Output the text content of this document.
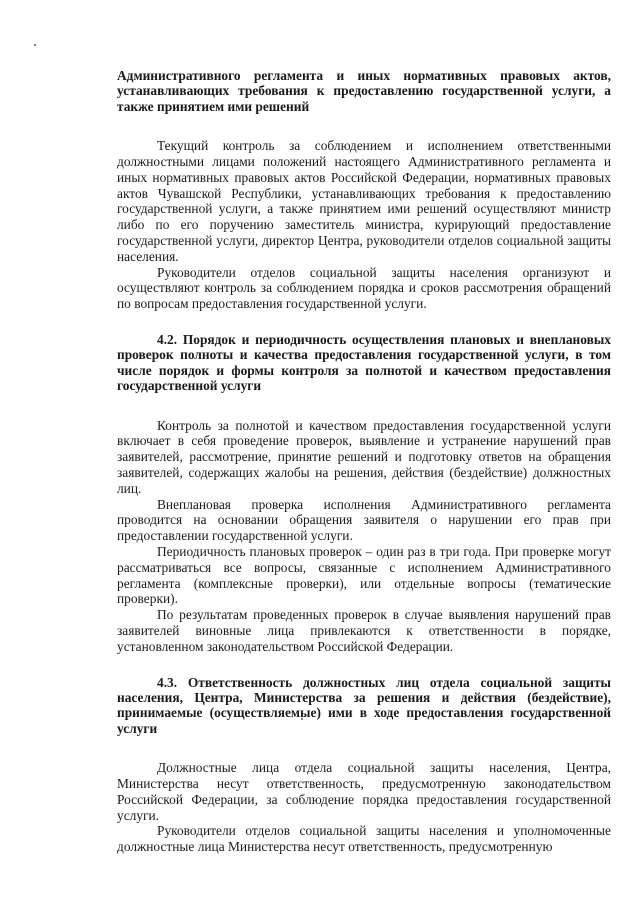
Административного регламента и иных нормативных правовых актов, устанавливающих требования к предоставлению государственной услуги, а также принятием ими решений

Текущий контроль за соблюдением и исполнением ответственными должностными лицами положений настоящего Административного регламента и иных нормативных правовых актов Российской Федерации, нормативных правовых актов Чувашской Республики, устанавливающих требования к предоставлению государственной услуги, а также принятием ими решений осуществляют министр либо по его поручению заместитель министра, курирующий предоставление государственной услуги, директор Центра, руководители отделов социальной защиты населения.

Руководители отделов социальной защиты населения организуют и осуществляют контроль за соблюдением порядка и сроков рассмотрения обращений по вопросам предоставления государственной услуги.

4.2. Порядок и периодичность осуществления плановых и внеплановых проверок полноты и качества предоставления государственной услуги, в том числе порядок и формы контроля за полнотой и качеством предоставления государственной услуги

Контроль за полнотой и качеством предоставления государственной услуги включает в себя проведение проверок, выявление и устранение нарушений прав заявителей, рассмотрение, принятие решений и подготовку ответов на обращения заявителей, содержащих жалобы на решения, действия (бездействие) должностных лиц.

Внеплановая проверка исполнения Административного регламента проводится на основании обращения заявителя о нарушении его прав при предоставлении государственной услуги.

Периодичность плановых проверок – один раз в три года. При проверке могут рассматриваться все вопросы, связанные с исполнением Административного регламента (комплексные проверки), или отдельные вопросы (тематические проверки).

По результатам проведенных проверок в случае выявления нарушений прав заявителей виновные лица привлекаются к ответственности в порядке, установленном законодательством Российской Федерации.

4.3. Ответственность должностных лиц отдела социальной защиты населения, Центра, Министерства за решения и действия (бездействие), принимаемые (осуществляемые) ими в ходе предоставления государственной услуги

Должностные лица отдела социальной защиты населения, Центра, Министерства несут ответственность, предусмотренную законодательством Российской Федерации, за соблюдение порядка предоставления государственной услуги.

Руководители отделов социальной защиты населения и уполномоченные должностные лица Министерства несут ответственность, предусмотренную
